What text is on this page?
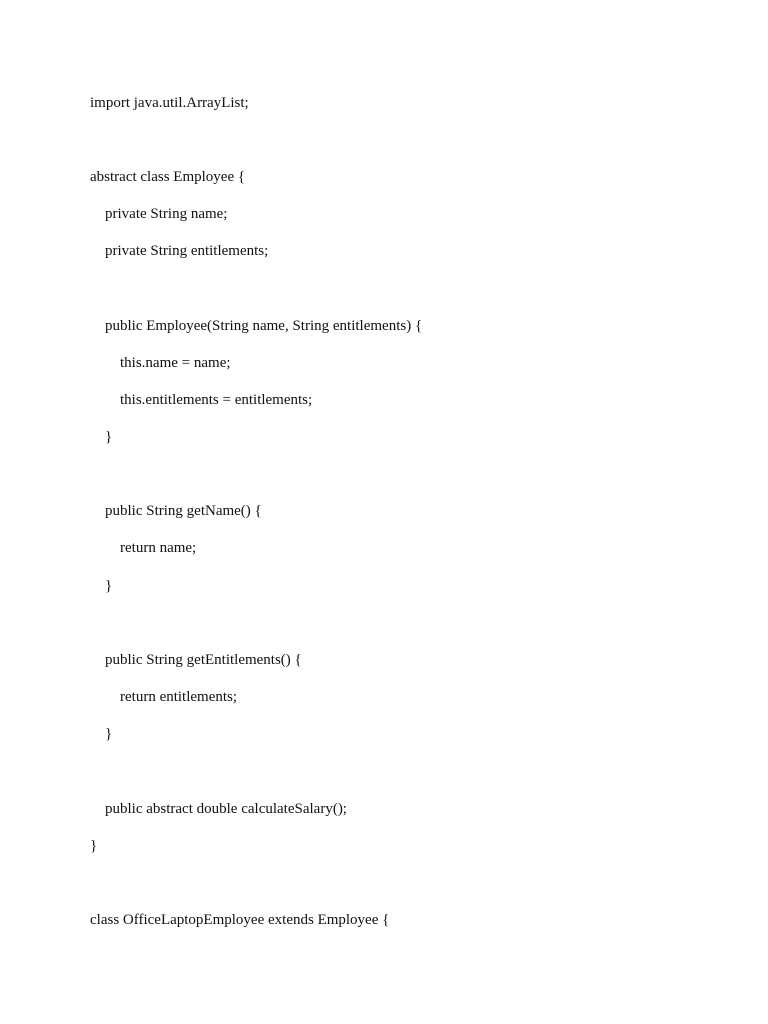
import java.util.ArrayList;
abstract class Employee {
private String name;
private String entitlements;
public Employee(String name, String entitlements) {
this.name = name;
this.entitlements = entitlements;
}
public String getName() {
return name;
}
public String getEntitlements() {
return entitlements;
}
public abstract double calculateSalary();
}
class OfficeLaptopEmployee extends Employee {
